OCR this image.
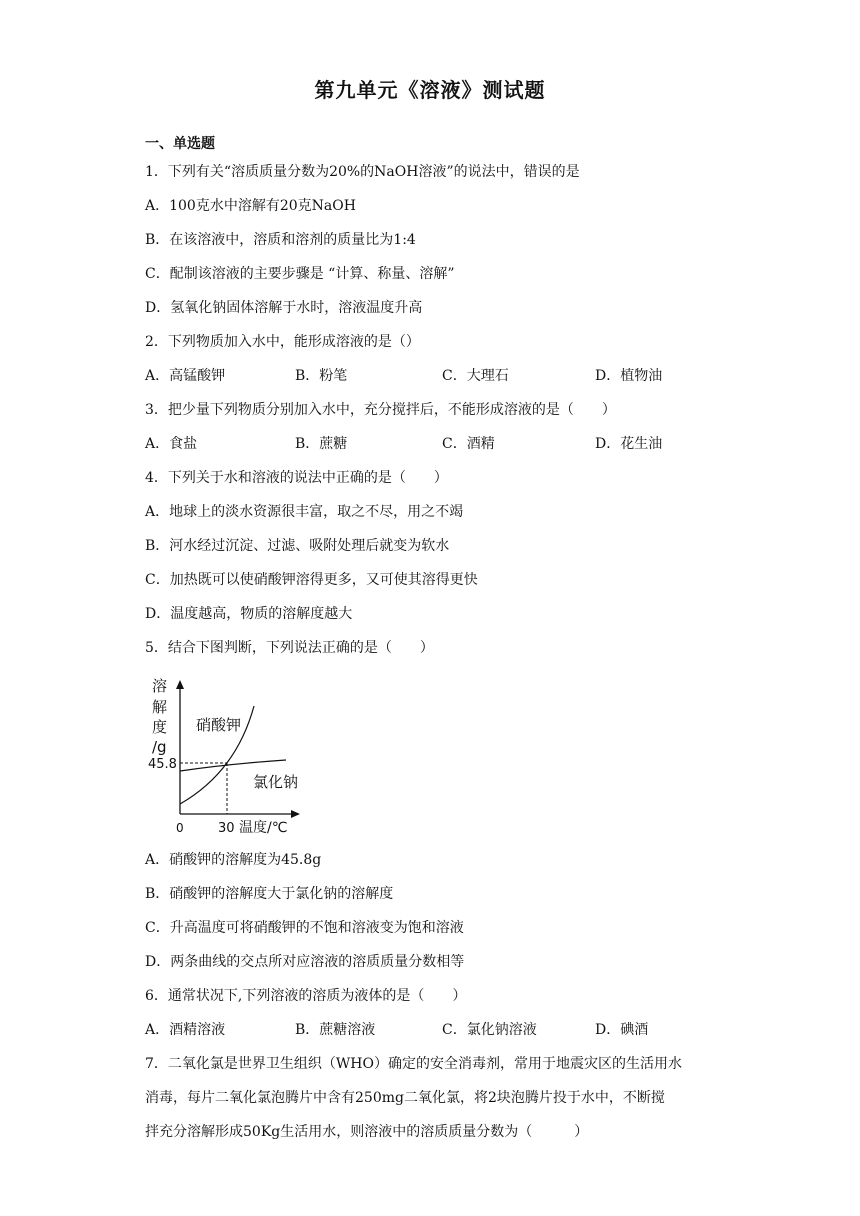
第九单元《溶液》测试题
一、单选题
1．下列有关“溶质质量分数为20%的NaOH溶液”的说法中，错误的是
A．100克水中溶解有20克NaOH
B．在该溶液中，溶质和溶剂的质量比为1:4
C．配制该溶液的主要步骤是 “计算、称量、溶解”
D．氢氧化钠固体溶解于水时，溶液温度升高
2．下列物质加入水中，能形成溶液的是（）
A．高锰酸钾	B．粉笔	C．大理石	D．植物油
3．把少量下列物质分别加入水中，充分搅拌后，不能形成溶液的是（　　）
A．食盐	B．蔗糖	C．酒精	D．花生油
4．下列关于水和溶液的说法中正确的是（　　）
A．地球上的淡水资源很丰富，取之不尽，用之不竭
B．河水经过沉淀、过滤、吸附处理后就变为软水
C．加热既可以使硝酸钾溶得更多，又可使其溶得更快
D．温度越高，物质的溶解度越大
5．结合下图判断，下列说法正确的是（　　）
溶
解
度
/g
硝酸钾
氯化钠
45.8
0	30 温度/℃
A．硝酸钾的溶解度为45.8g
B．硝酸钾的溶解度大于氯化钠的溶解度
C．升高温度可将硝酸钾的不饱和溶液变为饱和溶液
D．两条曲线的交点所对应溶液的溶质质量分数相等
6．通常状况下,下列溶液的溶质为液体的是（　　）
A．酒精溶液	B．蔗糖溶液	C．氯化钠溶液	D．碘酒
7．二氧化氯是世界卫生组织（WHO）确定的安全消毒剂，常用于地震灾区的生活用水
消毒，每片二氧化氯泡腾片中含有250mg二氧化氯，将2块泡腾片投于水中，不断搅
拌充分溶解形成50Kg生活用水，则溶液中的溶质质量分数为（　　　）
